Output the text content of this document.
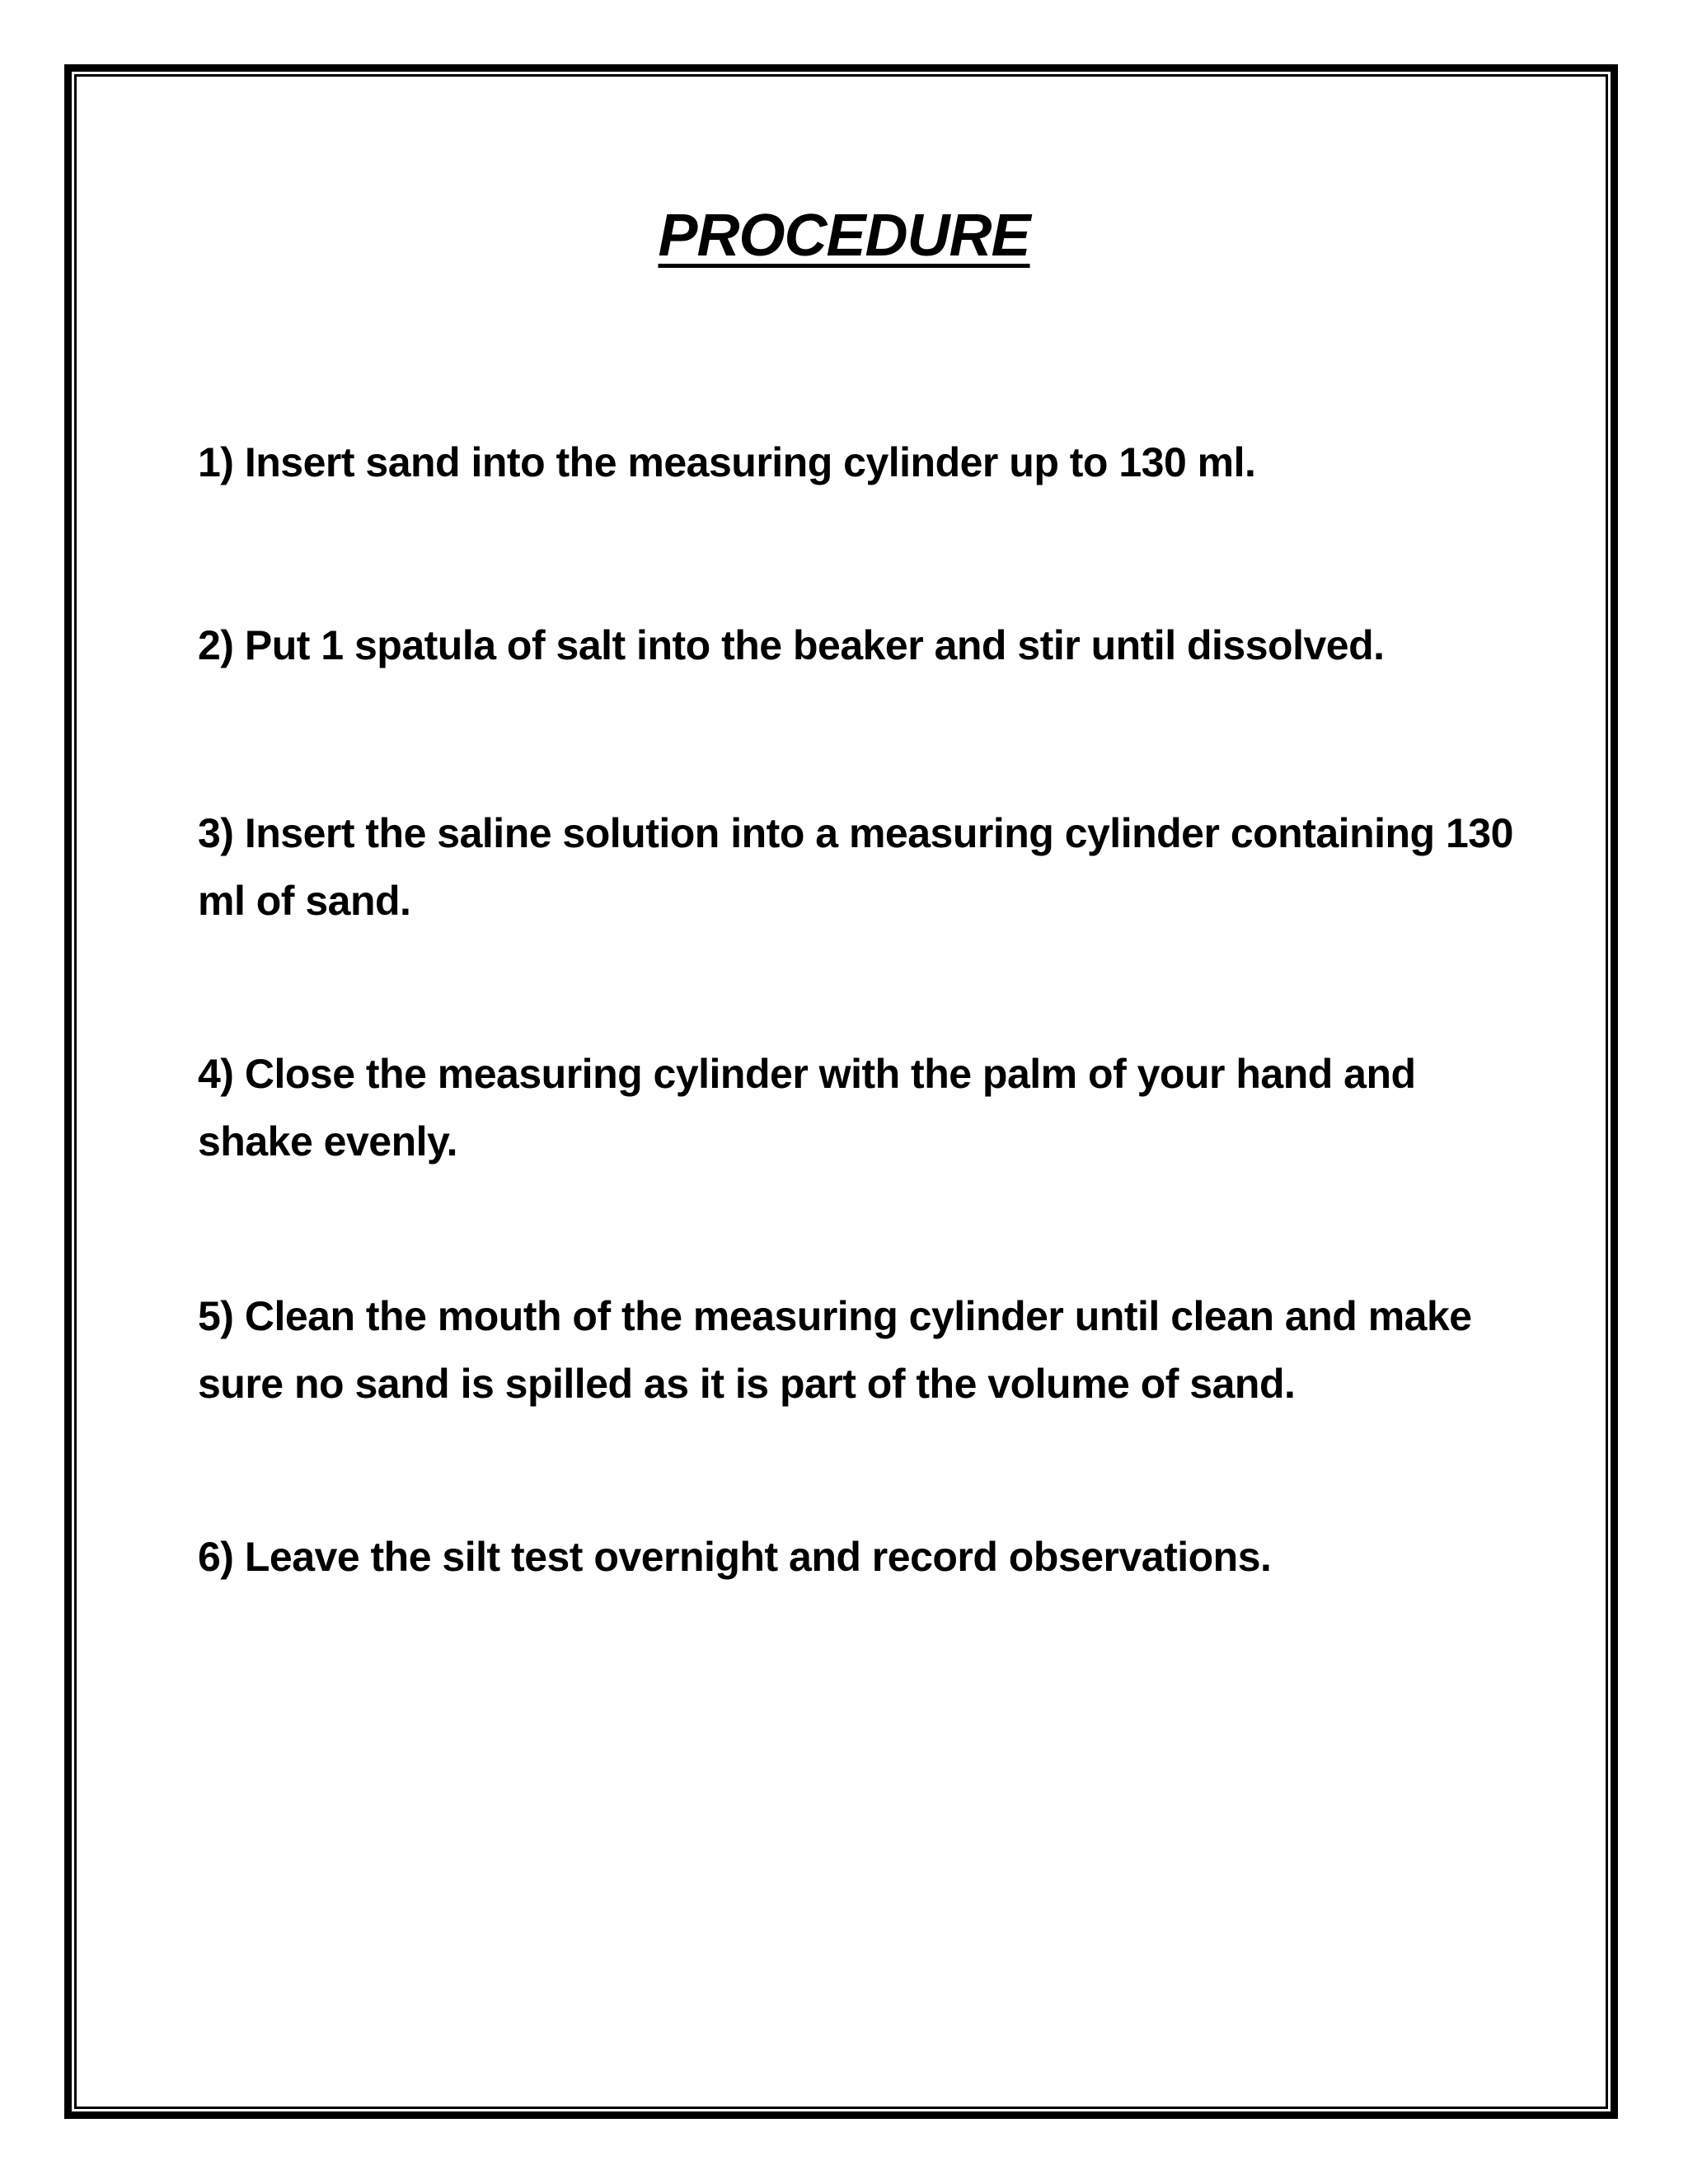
PROCEDURE

1) Insert sand into the measuring cylinder up to 130 ml.

2) Put 1 spatula of salt into the beaker and stir until dissolved.

3) Insert the saline solution into a measuring cylinder containing 130 ml of sand.

4) Close the measuring cylinder with the palm of your hand and shake evenly.

5) Clean the mouth of the measuring cylinder until clean and make sure no sand is spilled as it is part of the volume of sand.

6) Leave the silt test overnight and record observations.
